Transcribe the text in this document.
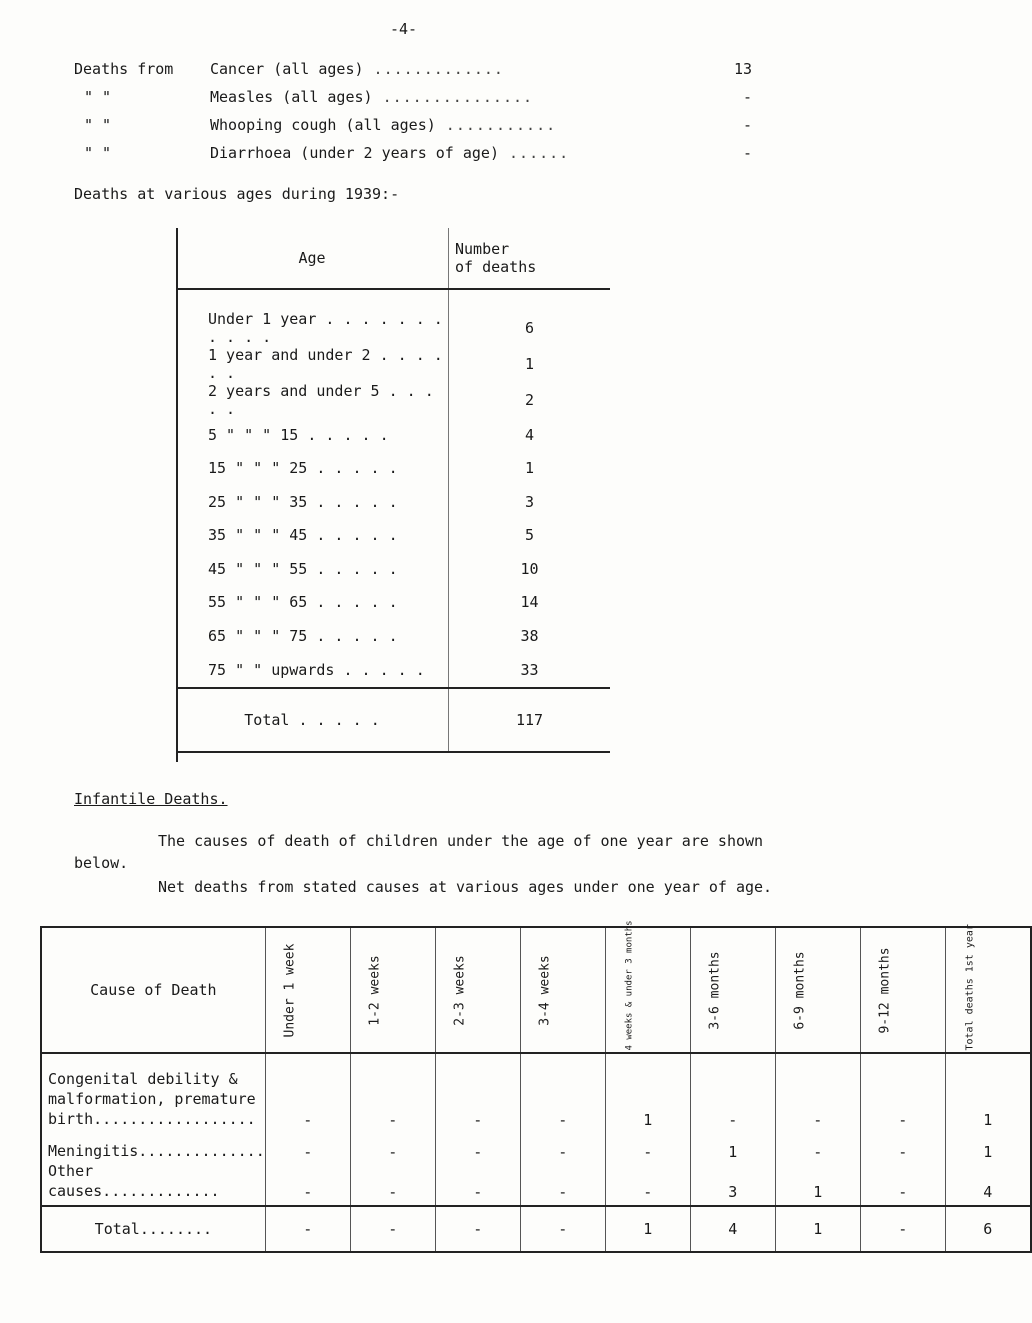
-4-
Deaths from Cancer (all ages) .............	13
" "	Measles (all ages) ...............	-
" "	Whooping cough (all ages) ...........	-
" "	Diarrhoea (under 2 years of age) ......	-
Deaths at various ages during 1939:-
Age	Number
of deaths

Under 1 year . . . . . . . . . . .	6
1 year and under 2 . . . . . .	1
2 years and under 5 . . . . .	2
5 " " " 15 . . . . .	4
15 " " " 25 . . . . .	1
25 " " " 35 . . . . .	3
35 " " " 45 . . . . .	5
45 " " " 55 . . . . .	10
55 " " " 65 . . . . .	14
65 " " " 75 . . . . .	38
75 " " upwards . . . . .	33
Total . . . . .	117
Infantile Deaths.
The causes of death of children under the age of one year are shown below.
Net deaths from stated causes at various ages under one year of age.
Cause of Death	Under 1 week	1-2 weeks	2-3 weeks	3-4 weeks	4 weeks & under 3 months	3-6 months	6-9 months	9-12 months	Total deaths 1st year

Congenital debility & malformation, premature birth..................	-	-	-	-	1	-	-	-	1
Meningitis..............	-	-	-	-	-	1	-	-	1
Other causes.............	-	-	-	-	-	3	1	-	4
Total........	-	-	-	-	1	4	1	-	6
